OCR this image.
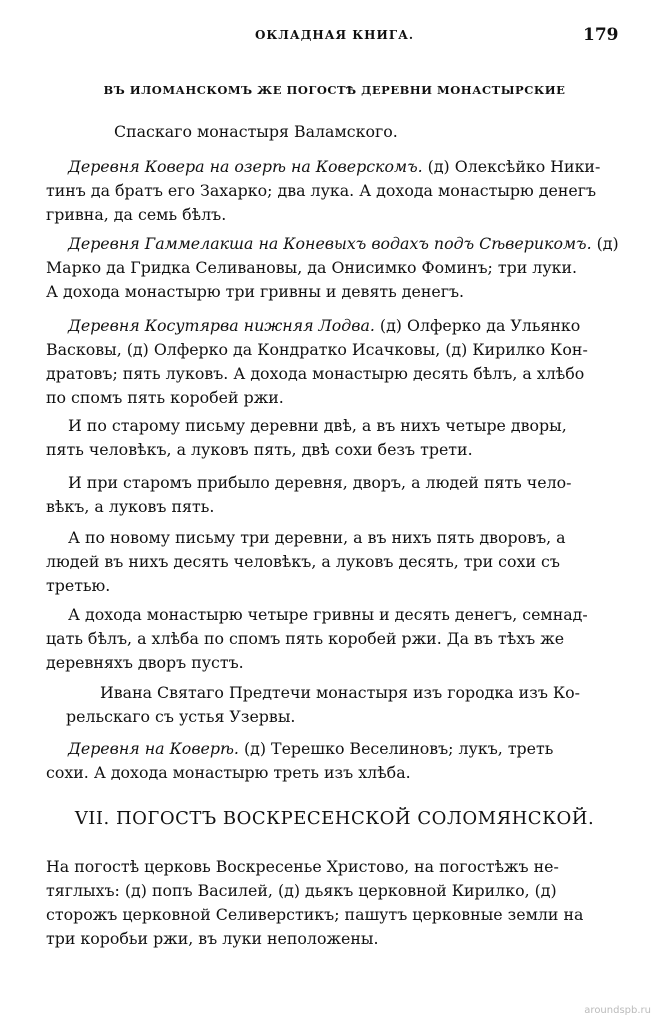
ОКЛАДНАЯ КНИГА.	179
ВЪ ИЛОМАНСКОМЪ ЖЕ ПОГОСТѢ ДЕРЕВНИ МОНАСТЫРСКИЕ
Спаскаго монастыря Валамского.
Деревня Ковера на озерѣ на Коверскомъ. (д) Олексѣйко Ники-
тинъ да братъ его Захарко; два лука. А дохода монастырю денегъ
гривна, да семь бѣлъ.
Деревня Гаммелакша на Коневыхъ водахъ подъ Сѣверикомъ. (д)
Марко да Гридка Селивановы, да Онисимко Фоминъ; три луки.
А дохода монастырю три гривны и девять денегъ.
Деревня Косутярва нижняя Лодва. (д) Олферко да Ульянко
Васковы, (д) Олферко да Кондратко Исачковы, (д) Кирилко Кон-
дратовъ; пять луковъ. А дохода монастырю десять бѣлъ, а хлѣбо
по спомъ пять коробей ржи.
И по старому письму деревни двѣ, а въ нихъ четыре дворы,
пять человѣкъ, а луковъ пять, двѣ сохи безъ трети.
И при старомъ прибыло деревня, дворъ, а людей пять чело-
вѣкъ, а луковъ пять.
А по новому письму три деревни, а въ нихъ пять дворовъ, а
людей въ нихъ десять человѣкъ, а луковъ десять, три сохи съ
третью.
А дохода монастырю четыре гривны и десять денегъ, семнад-
цать бѣлъ, а хлѣба по спомъ пять коробей ржи. Да въ тѣхъ же
деревняхъ дворъ пустъ.
Ивана Святаго Предтечи монастыря изъ городка изъ Ко-
рельскаго съ устья Узервы.
Деревня на Коверѣ. (д) Терешко Веселиновъ; лукъ, треть
сохи. А дохода монастырю треть изъ хлѣба.
VII. ПОГОСТЪ ВОСКРЕСЕНСКОЙ СОЛОМЯНСКОЙ.
На погостѣ церковь Воскресенье Христово, на погостѣжъ не-
тяглыхъ: (д) попъ Василей, (д) дьякъ церковной Кирилко, (д)
сторожъ церковной Селиверстикъ; пашутъ церковные земли на
три коробьи ржи, въ луки неположены.
aroundspb.ru
